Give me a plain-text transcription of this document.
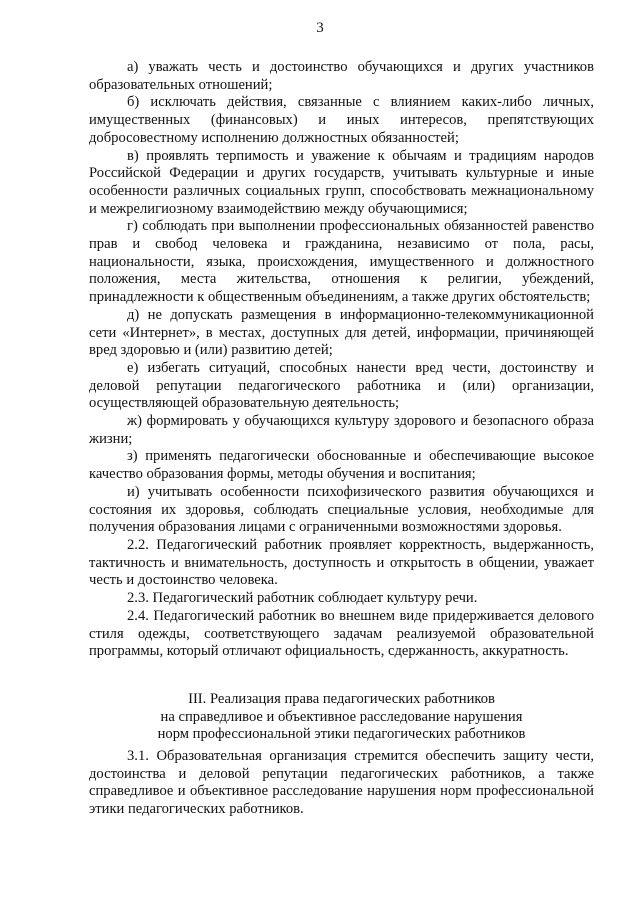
3

а) уважать честь и достоинство обучающихся и других участников образовательных отношений;

б) исключать действия, связанные с влиянием каких-либо личных, имущественных (финансовых) и иных интересов, препятствующих добросовестному исполнению должностных обязанностей;

в) проявлять терпимость и уважение к обычаям и традициям народов Российской Федерации и других государств, учитывать культурные и иные особенности различных социальных групп, способствовать межнациональному и межрелигиозному взаимодействию между обучающимися;

г) соблюдать при выполнении профессиональных обязанностей равенство прав и свобод человека и гражданина, независимо от пола, расы, национальности, языка, происхождения, имущественного и должностного положения, места жительства, отношения к религии, убеждений, принадлежности к общественным объединениям, а также других обстоятельств;

д) не допускать размещения в информационно-телекоммуникационной сети «Интернет», в местах, доступных для детей, информации, причиняющей вред здоровью и (или) развитию детей;

е) избегать ситуаций, способных нанести вред чести, достоинству и деловой репутации педагогического работника и (или) организации, осуществляющей образовательную деятельность;

ж) формировать у обучающихся культуру здорового и безопасного образа жизни;

з) применять педагогически обоснованные и обеспечивающие высокое качество образования формы, методы обучения и воспитания;

и) учитывать особенности психофизического развития обучающихся и состояния их здоровья, соблюдать специальные условия, необходимые для получения образования лицами с ограниченными возможностями здоровья.

2.2. Педагогический работник проявляет корректность, выдержанность, тактичность и внимательность, доступность и открытость в общении, уважает честь и достоинство человека.

2.3. Педагогический работник соблюдает культуру речи.

2.4. Педагогический работник во внешнем виде придерживается делового стиля одежды, соответствующего задачам реализуемой образовательной программы, который отличают официальность, сдержанность, аккуратность.

III. Реализация права педагогических работников
на справедливое и объективное расследование нарушения
норм профессиональной этики педагогических работников

3.1. Образовательная организация стремится обеспечить защиту чести, достоинства и деловой репутации педагогических работников, а также справедливое и объективное расследование нарушения норм профессиональной этики педагогических работников.
